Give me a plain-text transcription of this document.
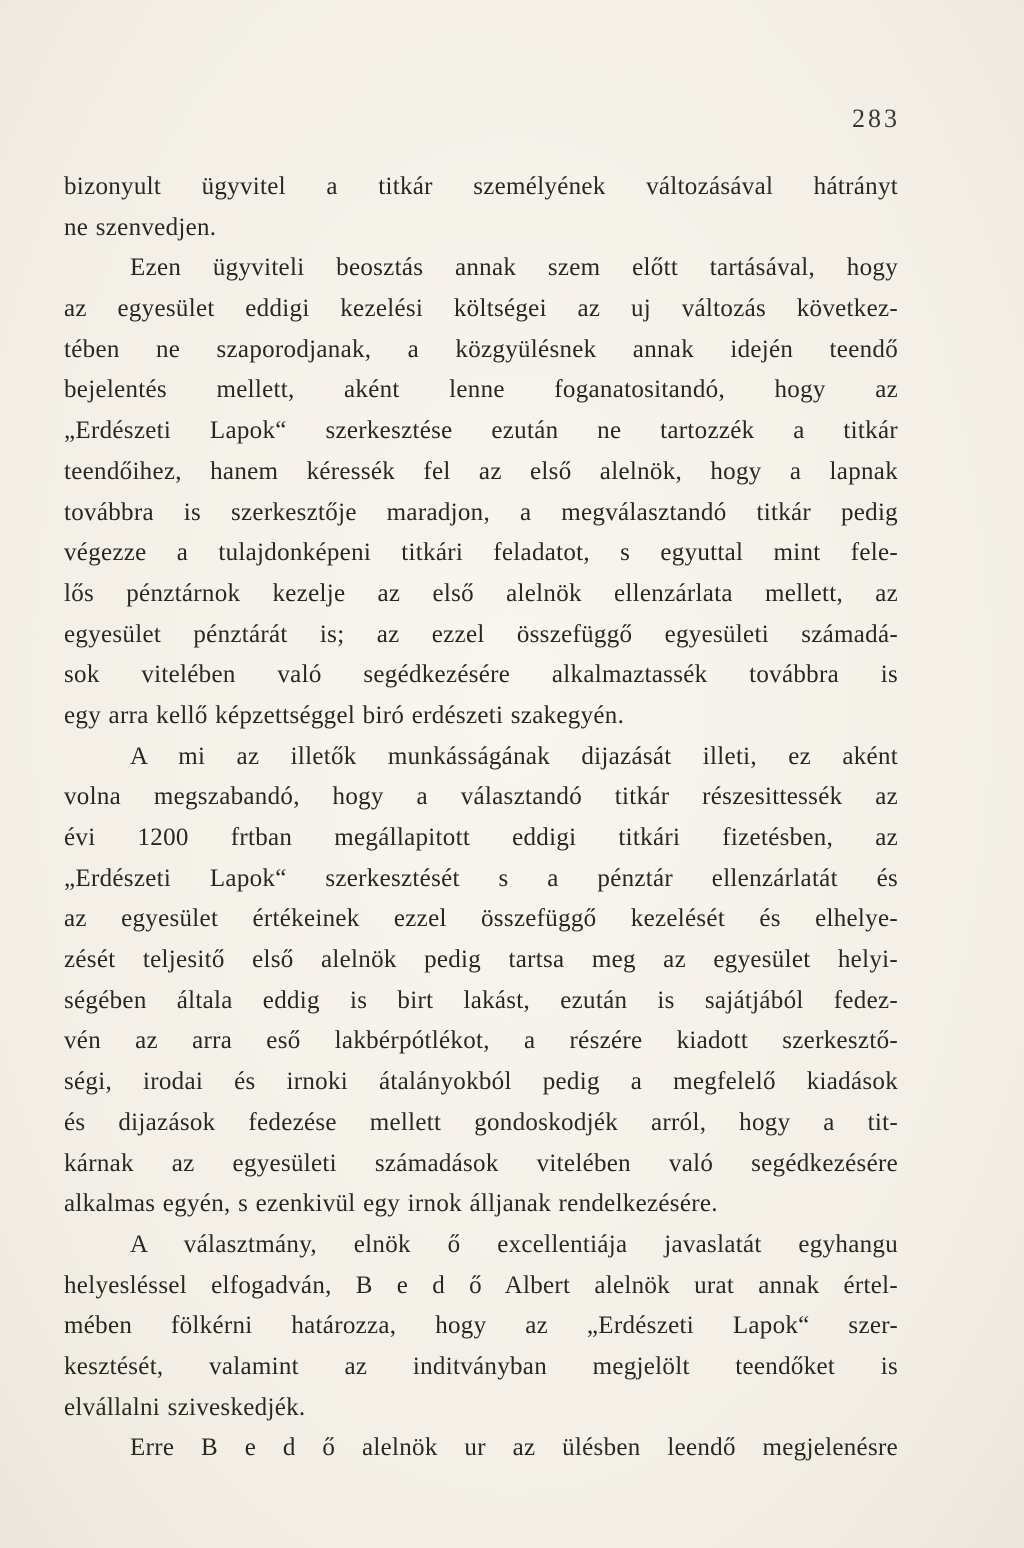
283
bizonyult ügyvitel a titkár személyének változásával hátrányt
ne szenvedjen.
Ezen ügyviteli beosztás annak szem előtt tartásával, hogy
az egyesület eddigi kezelési költségei az uj változás következ-
tében ne szaporodjanak, a közgyülésnek annak idején teendő
bejelentés mellett, aként lenne foganatositandó, hogy az
„Erdészeti Lapok“ szerkesztése ezután ne tartozzék a titkár
teendőihez, hanem kéressék fel az első alelnök, hogy a lapnak
továbbra is szerkesztője maradjon, a megválasztandó titkár pedig
végezze a tulajdonképeni titkári feladatot, s egyuttal mint fele-
lős pénztárnok kezelje az első alelnök ellenzárlata mellett, az
egyesület pénztárát is; az ezzel összefüggő egyesületi számadá-
sok vitelében való segédkezésére alkalmaztassék továbbra is
egy arra kellő képzettséggel biró erdészeti szakegyén.
A mi az illetők munkásságának dijazását illeti, ez aként
volna megszabandó, hogy a választandó titkár részesittessék az
évi 1200 frtban megállapitott eddigi titkári fizetésben, az
„Erdészeti Lapok“ szerkesztését s a pénztár ellenzárlatát és
az egyesület értékeinek ezzel összefüggő kezelését és elhelye-
zését teljesitő első alelnök pedig tartsa meg az egyesület helyi-
ségében általa eddig is birt lakást, ezután is sajátjából fedez-
vén az arra eső lakbérpótlékot, a részére kiadott szerkesztő-
ségi, irodai és irnoki átalányokból pedig a megfelelő kiadások
és dijazások fedezése mellett gondoskodjék arról, hogy a tit-
kárnak az egyesületi számadások vitelében való segédkezésére
alkalmas egyén, s ezenkivül egy irnok álljanak rendelkezésére.
A választmány, elnök ő excellentiája javaslatát egyhangu
helyesléssel elfogadván, B e d ő Albert alelnök urat annak értel-
mében fölkérni határozza, hogy az „Erdészeti Lapok“ szer-
kesztését, valamint az inditványban megjelölt teendőket is
elvállalni sziveskedjék.
Erre B e d ő alelnök ur az ülésben leendő megjelenésre
